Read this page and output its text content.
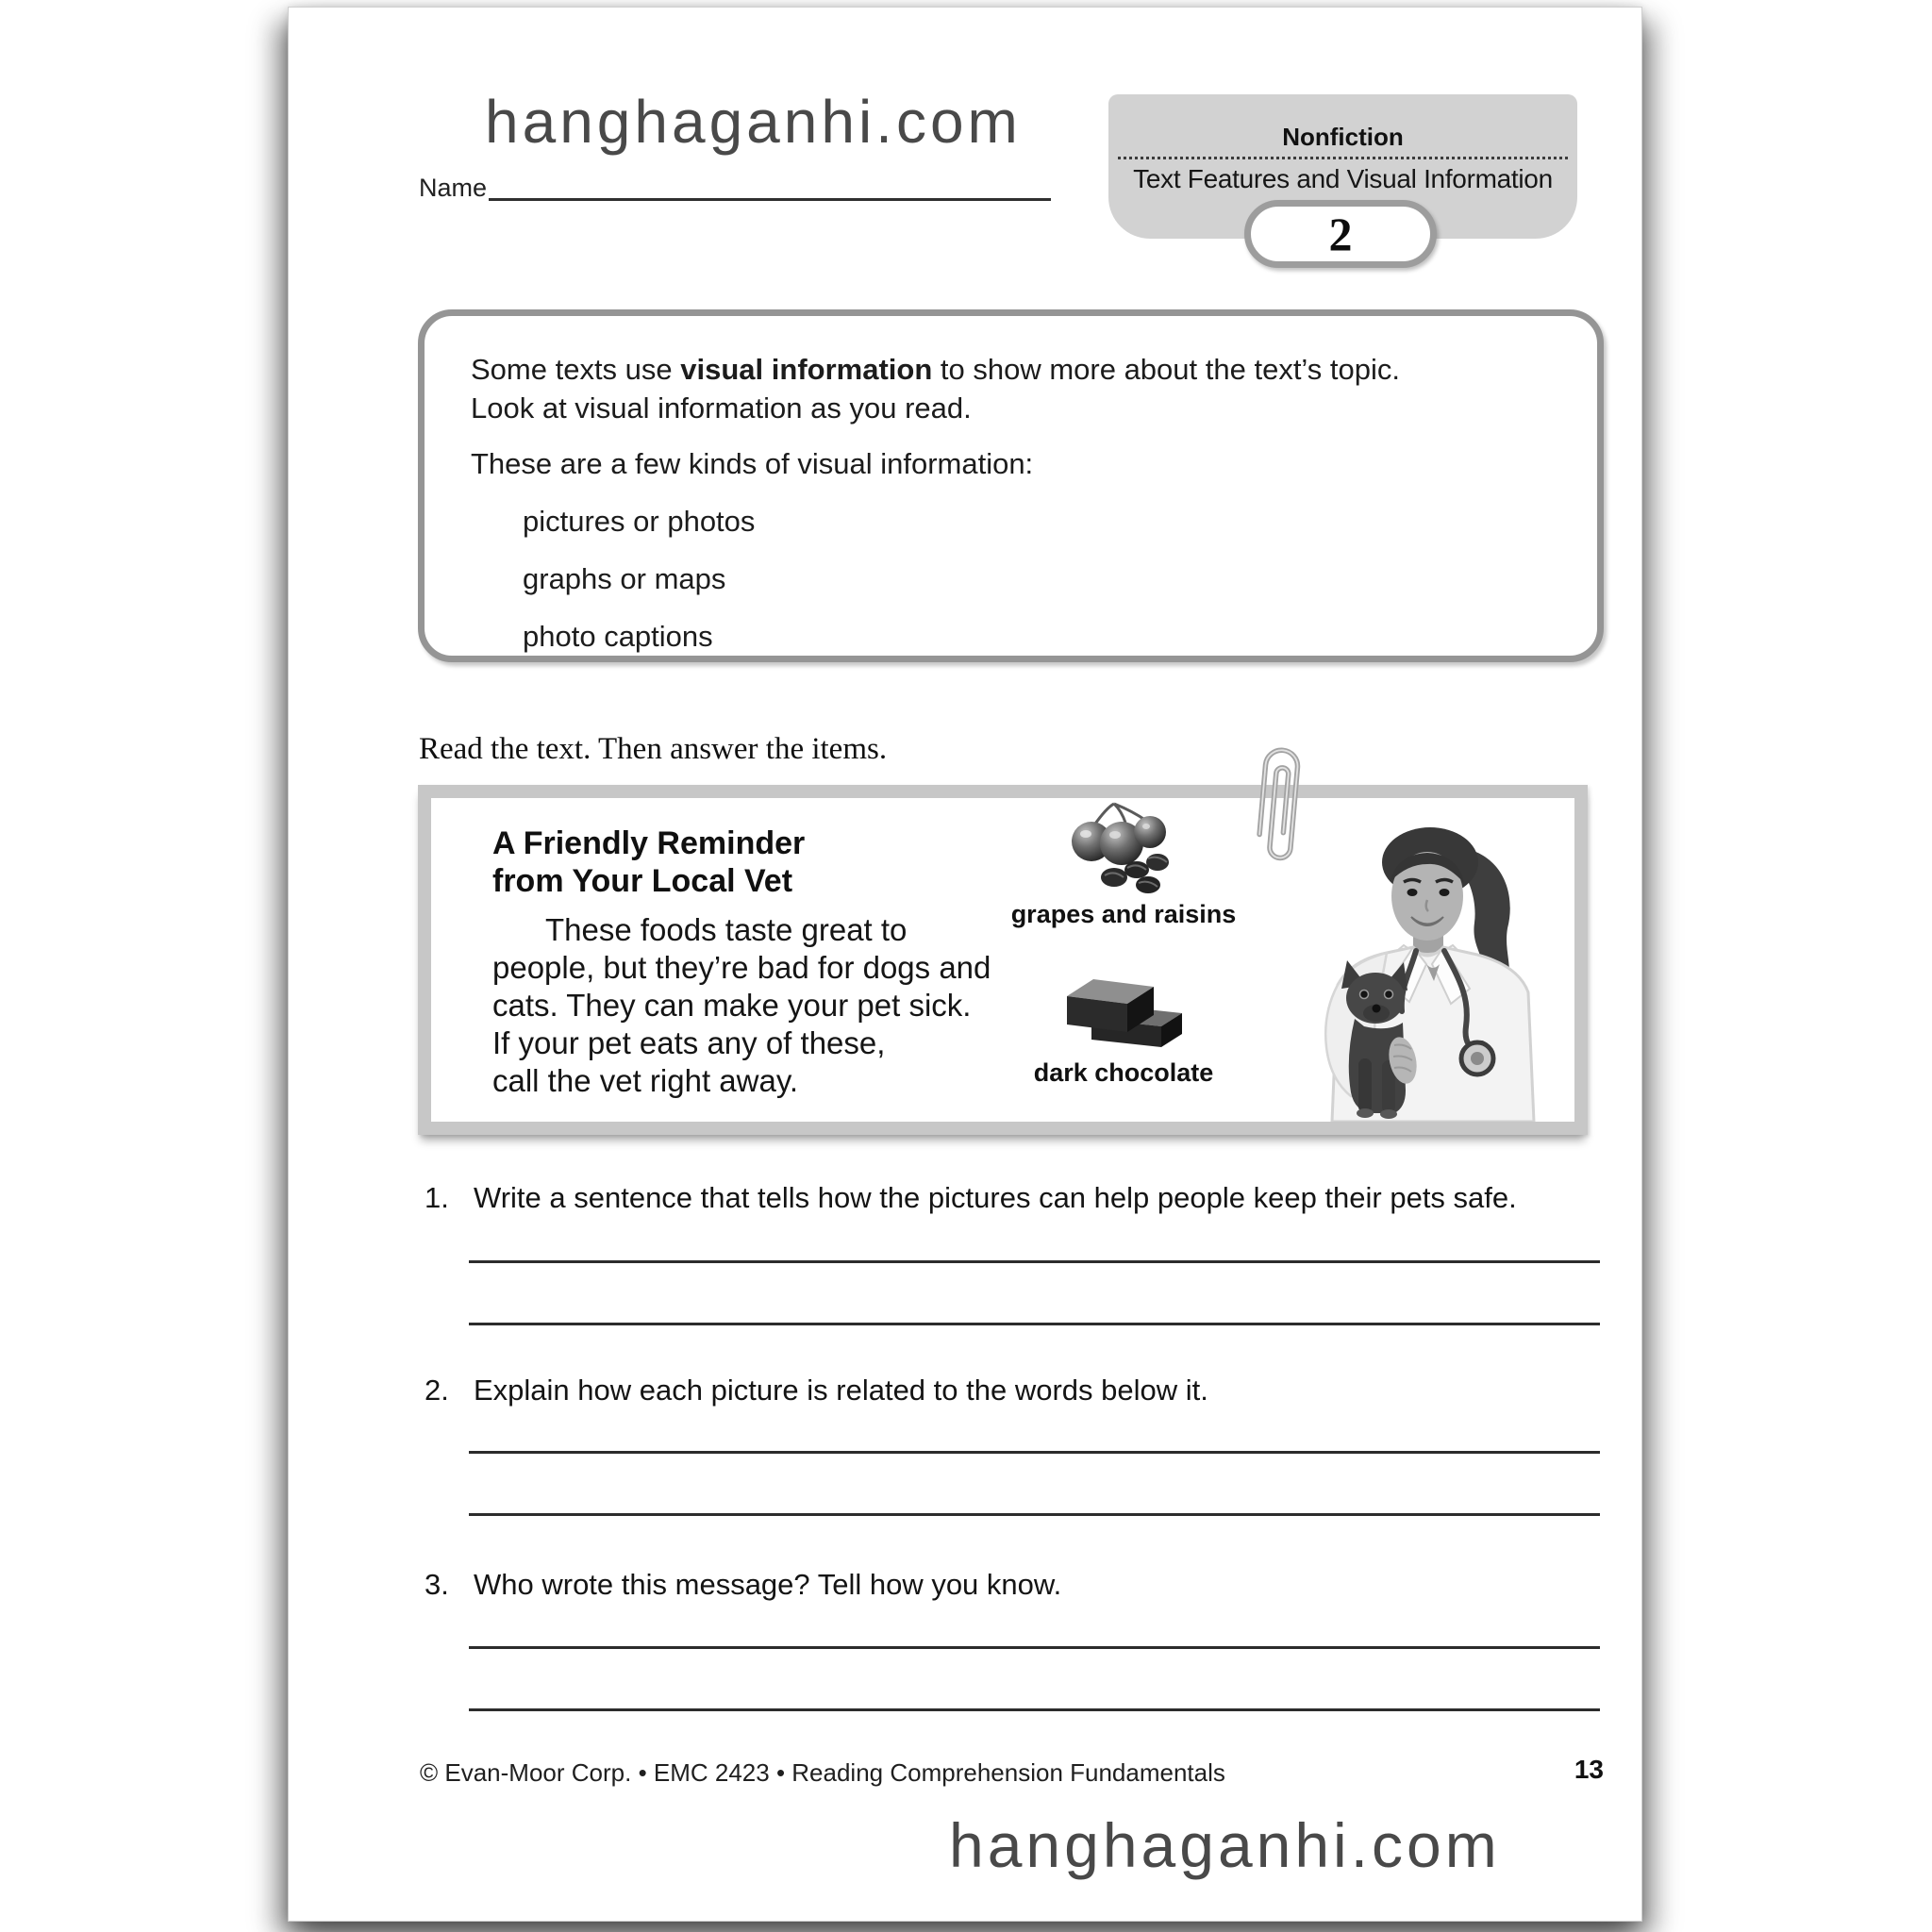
hanghaganhi.com
Name
Nonfiction
Text Features and Visual Information
2
Some texts use visual information to show more about the text’s topic.
Look at visual information as you read.
These are a few kinds of visual information:
pictures or photos
graphs or maps
photo captions
Read the text. Then answer the items.
A Friendly Reminder
from Your Local Vet
These foods taste great to
people, but they’re bad for dogs and
cats. They can make your pet sick.
If your pet eats any of these,
call the vet right away.
grapes and raisins
dark chocolate
1. Write a sentence that tells how the pictures can help people keep their pets safe.
2. Explain how each picture is related to the words below it.
3. Who wrote this message? Tell how you know.
© Evan-Moor Corp. • EMC 2423 • Reading Comprehension Fundamentals	13
hanghaganhi.com
